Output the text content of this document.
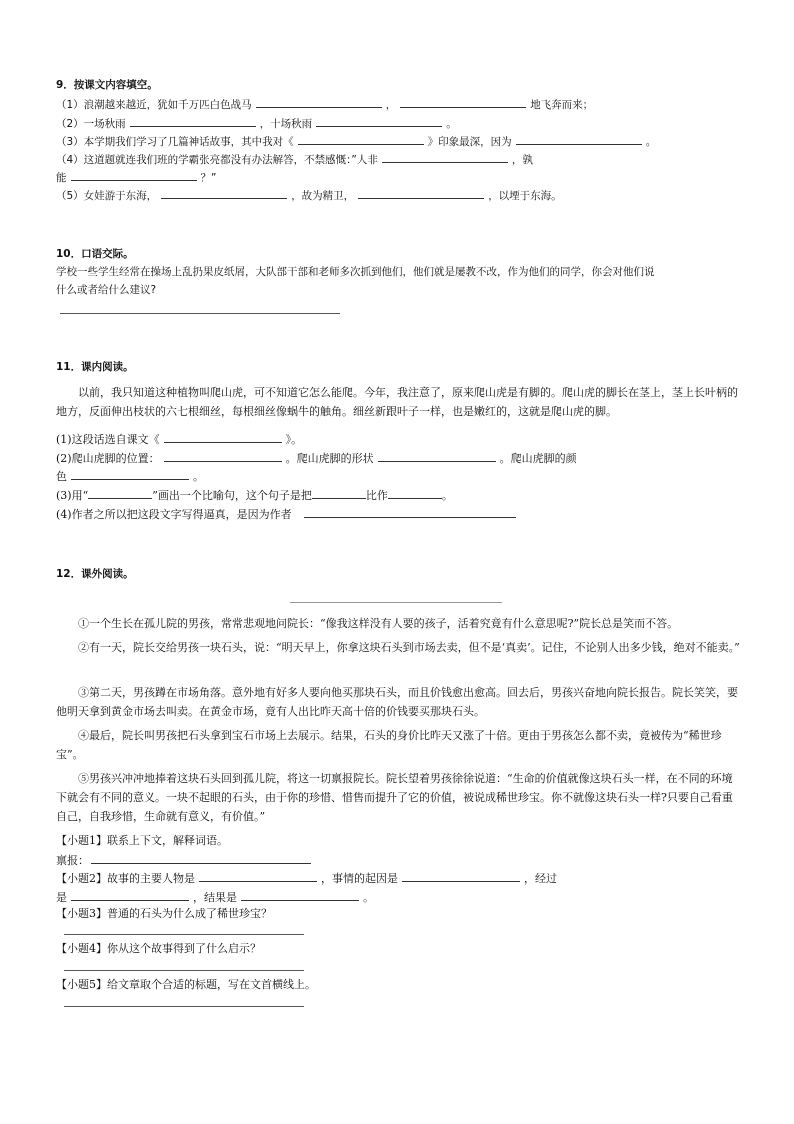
9．按课文内容填空。
（1）浪潮越来越近，犹如千万匹白色战马	，	地飞奔而来；
（2）一场秋雨	，十场秋雨	。
（3）本学期我们学习了几篇神话故事，其中我对《	》印象最深，因为	。
（4）这道题就连我们班的学霸张亮都没有办法解答，不禁感慨：”人非	，孰
能	？”
（5）女娃游于东海，	，故为精卫，	，以堙于东海。
10．口语交际。
学校一些学生经常在操场上乱扔果皮纸屑，大队部干部和老师多次抓到他们，他们就是屡教不改，作为他们的同学，你会对他们说
什么或者给什么建议?
11．课内阅读。
以前，我只知道这种植物叫爬山虎，可不知道它怎么能爬。今年，我注意了，原来爬山虎是有脚的。爬山虎的脚长在茎上，茎上长叶柄的地方，反面伸出枝状的六七根细丝，每根细丝像蜗牛的触角。细丝新跟叶子一样，也是嫩红的，这就是爬山虎的脚。
(1)这段话选自课文《	》。
(2)爬山虎脚的位置：	。爬山虎脚的形状	。爬山虎脚的颜
色	。
(3)用“	”画出一个比喻句，这个句子是把	比作	。
(4)作者之所以把这段文字写得逼真，是因为作者
12．课外阅读。
①一个生长在孤儿院的男孩，常常悲观地问院长：“像我这样没有人要的孩子，活着究竟有什么意思呢?”院长总是笑而不答。
②有一天，院长交给男孩一块石头，说：“明天早上，你拿这块石头到市场去卖，但不是‘真卖’。记住，不论别人出多少钱，绝对不能卖。”
③第二天，男孩蹲在市场角落。意外地有好多人要向他买那块石头，而且价钱愈出愈高。回去后，男孩兴奋地向院长报告。院长笑笑，要他明天拿到黄金市场去叫卖。在黄金市场，竟有人出比昨天高十倍的价钱要买那块石头。
④最后，院长叫男孩把石头拿到宝石市场上去展示。结果，石头的身价比昨天又涨了十倍。更由于男孩怎么都不卖，竟被传为“稀世珍宝”。
⑤男孩兴冲冲地捧着这块石头回到孤儿院，将这一切禀报院长。院长望着男孩徐徐说道：“生命的价值就像这块石头一样，在不同的环境下就会有不同的意义。一块不起眼的石头，由于你的珍惜、惜售而提升了它的价值，被说成稀世珍宝。你不就像这块石头一样?只要自己看重自己，自我珍惜，生命就有意义，有价值。”
【小题1】联系上下文，解释词语。
禀报：
【小题2】故事的主要人物是	，事情的起因是	，经过
是	，结果是	。
【小题3】普通的石头为什么成了稀世珍宝？
【小题4】你从这个故事得到了什么启示？
【小题5】给文章取个合适的标题，写在文首横线上。
